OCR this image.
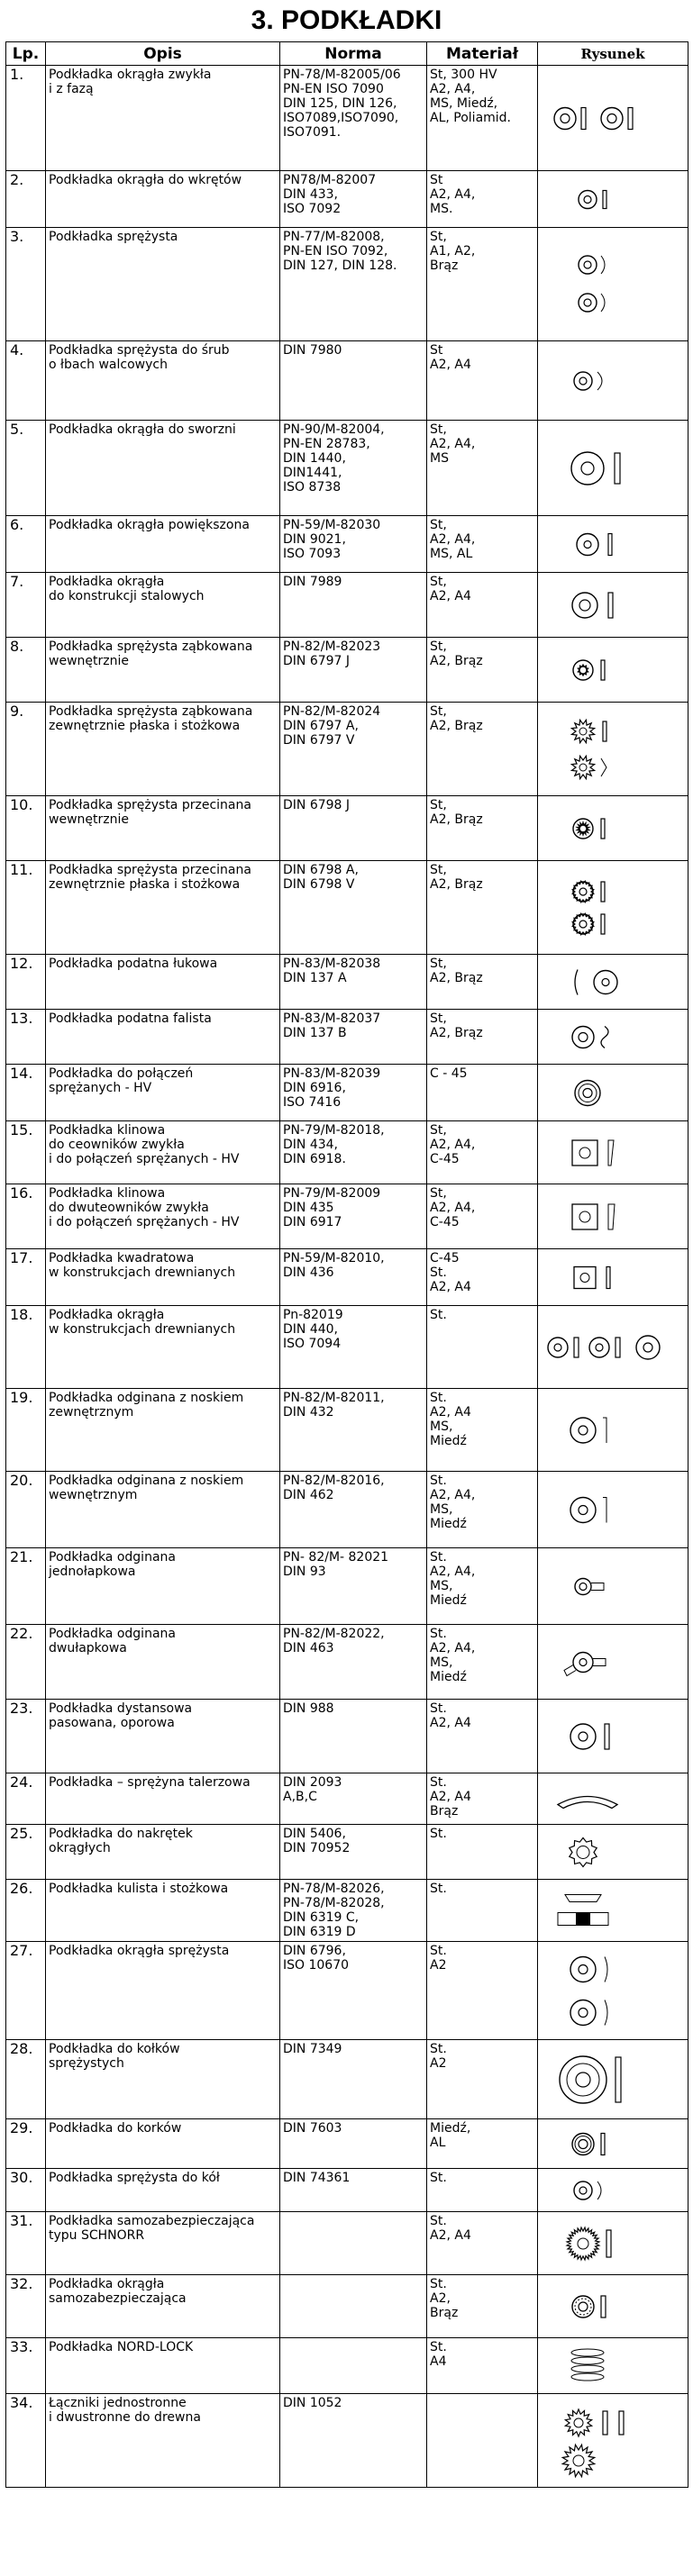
3. PODKŁADKI
Lp.	Opis	Norma	Materiał	Rysunek
1.	Podkładka okrągła zwykła
i z fazą	PN-78/M-82005/06
PN-EN ISO 7090
DIN 125, DIN 126,
ISO7089,ISO7090,
ISO7091.	St, 300 HV
A2, A4,
MS, Miedź,
AL, Poliamid.	

2.	Podkładka okrągła do wkrętów	PN78/M-82007
DIN 433,
ISO 7092	St
A2, A4,
MS.	

3.	Podkładka sprężysta	PN-77/M-82008,
PN-EN ISO 7092,
DIN 127, DIN 128.	St,
A1, A2,
Brąz	

4.	Podkładka sprężysta do śrub
o łbach walcowych	DIN 7980	St
A2, A4	

5.	Podkładka okrągła do sworzni	PN-90/M-82004,
PN-EN 28783,
DIN 1440,
DIN1441,
ISO 8738	St,
A2, A4,
MS	

6.	Podkładka okrągła powiększona	PN-59/M-82030
DIN 9021,
ISO 7093	St,
A2, A4,
MS, AL	

7.	Podkładka okrągła
do konstrukcji stalowych	DIN 7989	St,
A2, A4	

8.	Podkładka sprężysta ząbkowana
wewnętrznie	PN-82/M-82023
DIN 6797 J	St,
A2, Brąz	

9.	Podkładka sprężysta ząbkowana
zewnętrznie płaska i stożkowa	PN-82/M-82024
DIN 6797 A,
DIN 6797 V	St,
A2, Brąz	

10.	Podkładka sprężysta przecinana
wewnętrznie	DIN 6798 J	St,
A2, Brąz	

11.	Podkładka sprężysta przecinana
zewnętrznie płaska i stożkowa	DIN 6798 A,
DIN 6798 V	St,
A2, Brąz	

12.	Podkładka podatna łukowa	PN-83/M-82038
DIN 137 A	St,
A2, Brąz	

13.	Podkładka podatna falista	PN-83/M-82037
DIN 137 B	St,
A2, Brąz	

14.	Podkładka do połączeń
sprężanych - HV	PN-83/M-82039
DIN 6916,
ISO 7416	C - 45	

15.	Podkładka klinowa
do ceowników zwykła
i do połączeń sprężanych - HV	PN-79/M-82018,
DIN 434,
DIN 6918.	St,
A2, A4,
C-45	

16.	Podkładka klinowa
do dwuteowników zwykła
i do połączeń sprężanych - HV	PN-79/M-82009
DIN 435
DIN 6917	St,
A2, A4,
C-45	

17.	Podkładka kwadratowa
w konstrukcjach drewnianych	PN-59/M-82010,
DIN 436	C-45
St.
A2, A4	

18.	Podkładka okrągła
w konstrukcjach drewnianych	Pn-82019
DIN 440,
ISO 7094	St.	

19.	Podkładka odginana z noskiem
zewnętrznym	PN-82/M-82011,
DIN 432	St.
A2, A4
MS,
Miedź	

20.	Podkładka odginana z noskiem
wewnętrznym	PN-82/M-82016,
DIN 462	St.
A2, A4,
MS,
Miedź	

21.	Podkładka odginana
jednołapkowa	PN- 82/M- 82021
DIN 93	St.
A2, A4,
MS,
Miedź	

22.	Podkładka odginana
dwułapkowa	PN-82/M-82022,
DIN 463	St.
A2, A4,
MS,
Miedź	

23.	Podkładka dystansowa
pasowana, oporowa	DIN 988	St.
A2, A4	

24.	Podkładka – sprężyna talerzowa	DIN 2093
A,B,C	St.
A2, A4
Brąz	

25.	Podkładka do nakrętek
okrągłych	DIN 5406,
DIN 70952	St.	

26.	Podkładka kulista i stożkowa	PN-78/M-82026,
PN-78/M-82028,
DIN 6319 C,
DIN 6319 D	St.	

27.	Podkładka okrągła sprężysta	DIN 6796,
ISO 10670	St.
A2	

28.	Podkładka do kołków
sprężystych	DIN 7349	St.
A2	

29.	Podkładka do korków	DIN 7603	Miedź,
AL	

30.	Podkładka sprężysta do kół	DIN 74361	St.	

31.	Podkładka samozabezpieczająca
typu SCHNORR		St.
A2, A4	

32.	Podkładka okrągła
samozabezpieczająca		St.
A2,
Brąz	

33.	Podkładka NORD-LOCK		St.
A4	

34.	Łączniki jednostronne
i dwustronne do drewna	DIN 1052		
